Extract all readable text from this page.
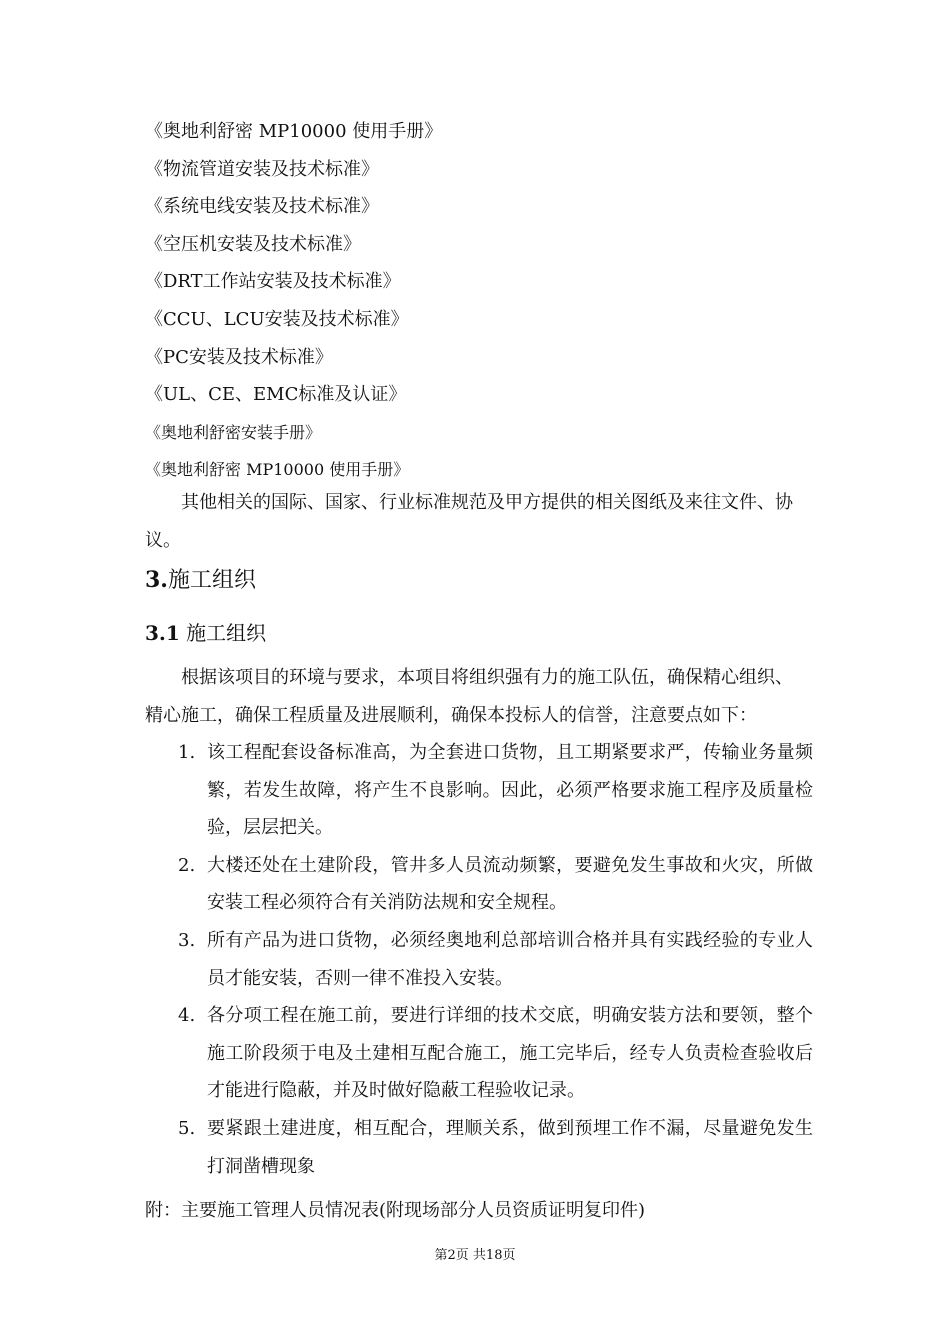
《奥地利舒密 MP10000 使用手册》
《物流管道安装及技术标准》
《系统电线安装及技术标准》
《空压机安装及技术标准》
《DRT工作站安装及技术标准》
《CCU、LCU安装及技术标准》
《PC安装及技术标准》
《UL、CE、EMC标准及认证》
《奥地利舒密安装手册》
《奥地利舒密 MP10000 使用手册》
其他相关的国际、国家、行业标准规范及甲方提供的相关图纸及来往文件、协议。
3.施工组织
3.1 施工组织
根据该项目的环境与要求，本项目将组织强有力的施工队伍，确保精心组织、精心施工，确保工程质量及进展顺利，确保本投标人的信誉，注意要点如下：
1. 该工程配套设备标准高，为全套进口货物，且工期紧要求严，传输业务量频繁，若发生故障，将产生不良影响。因此，必须严格要求施工程序及质量检验，层层把关。
2. 大楼还处在土建阶段，管井多人员流动频繁，要避免发生事故和火灾，所做安装工程必须符合有关消防法规和安全规程。
3. 所有产品为进口货物，必须经奥地利总部培训合格并具有实践经验的专业人员才能安装，否则一律不准投入安装。
4. 各分项工程在施工前，要进行详细的技术交底，明确安装方法和要领，整个施工阶段须于电及土建相互配合施工，施工完毕后，经专人负责检查验收后才能进行隐蔽，并及时做好隐蔽工程验收记录。
5. 要紧跟土建进度，相互配合，理顺关系，做到预埋工作不漏，尽量避免发生打洞凿槽现象
附：主要施工管理人员情况表(附现场部分人员资质证明复印件)
第2页 共18页
